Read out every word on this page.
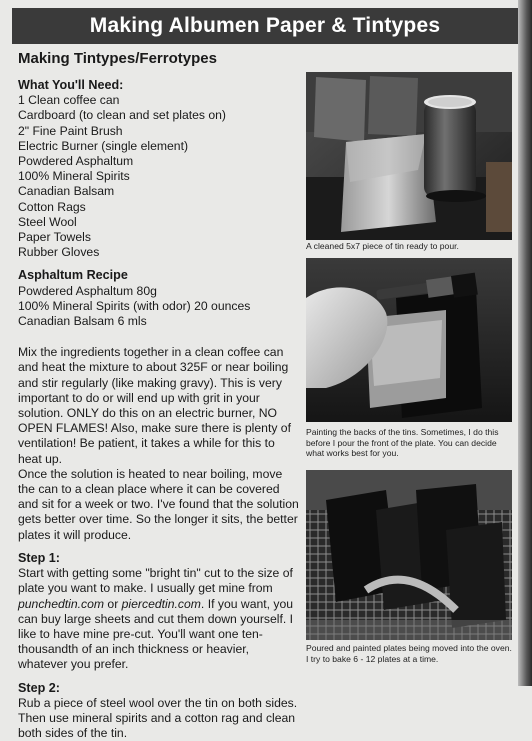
Making Albumen Paper & Tintypes
Making Tintypes/Ferrotypes
What You'll Need:
1 Clean coffee can
Cardboard (to clean and set plates on)
2" Fine Paint Brush
Electric Burner (single element)
Powdered Asphaltum
100% Mineral Spirits
Canadian Balsam
Cotton Rags
Steel Wool
Paper Towels
Rubber Gloves
Asphaltum Recipe
Powdered Asphaltum 80g
100% Mineral Spirits (with odor) 20 ounces
Canadian Balsam 6 mls

Mix the ingredients together in a clean coffee can and heat the mixture to about 325F or near boiling and stir regularly (like making gravy). This is very important to do or will end up with grit in your solution. ONLY do this on an electric burner, NO OPEN FLAMES! Also, make sure there is plenty of ventilation! Be patient, it takes a while for this to heat up.

Once the solution is heated to near boiling, move the can to a clean place where it can be covered and sit for a week or two. I've found that the solution gets better over time. So the longer it sits, the better plates it will produce.

Step 1:

Start with getting some "bright tin" cut to the size of plate you want to make. I usually get mine from punchedtin.com or piercedtin.com. If you want, you can buy large sheets and cut them down yourself. I like to have mine pre-cut. You'll want one ten-thousandth of an inch thickness or heavier, whatever you prefer.

Step 2:

Rub a piece of steel wool over the tin on both sides. Then use mineral spirits and a cotton rag and clean both sides of the tin.

A cleaned 5x7 piece of tin ready to pour.
Painting the backs of the tins. Sometimes, I do this before I pour the front of the plate. You can decide what works best for you.
Poured and painted plates being moved into the oven. I try to bake 6 - 12 plates at a time.
